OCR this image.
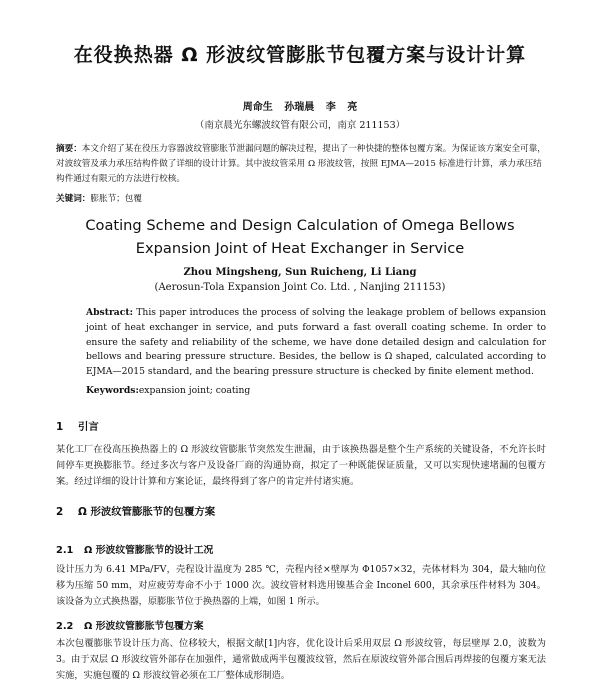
在役换热器 Ω 形波纹管膨胀节包覆方案与设计计算
周命生 孙瑞晨 李 亮
（南京晨光东螺波纹管有限公司，南京 211153）
摘要：本文介绍了某在役压力容器波纹管膨胀节泄漏问题的解决过程，提出了一种快捷的整体包覆方案。为保证该方案安全可靠，对波纹管及承力承压结构件做了详细的设计计算。其中波纹管采用 Ω 形波纹管，按照 EJMA—2015 标准进行计算，承力承压结构件通过有限元的方法进行校核。
关键词：膨胀节；包覆
Coating Scheme and Design Calculation of Omega Bellows
Expansion Joint of Heat Exchanger in Service
Zhou Mingsheng, Sun Ruicheng, Li Liang
(Aerosun-Tola Expansion Joint Co. Ltd. , Nanjing 211153)
Abstract: This paper introduces the process of solving the leakage problem of bellows expansion joint of heat exchanger in service, and puts forward a fast overall coating scheme. In order to ensure the safety and reliability of the scheme, we have done detailed design and calculation for bellows and bearing pressure structure. Besides, the bellow is Ω shaped, calculated according to EJMA—2015 standard, and the bearing pressure structure is checked by finite element method.
Keywords:expansion joint; coating
1 引言
某化工厂在役高压换热器上的 Ω 形波纹管膨胀节突然发生泄漏，由于该换热器是整个生产系统的关键设备，不允许长时间停车更换膨胀节。经过多次与客户及设备厂商的沟通协商，拟定了一种既能保证质量，又可以实现快速堵漏的包覆方案。经过详细的设计计算和方案论证，最终得到了客户的肯定并付诸实施。
2 Ω 形波纹管膨胀节的包覆方案
2.1 Ω 形波纹管膨胀节的设计工况
设计压力为 6.41 MPa/FV，壳程设计温度为 285 ℃，壳程内径×壁厚为 Φ1057×32，壳体材料为 304，最大轴向位移为压缩 50 mm，对应疲劳寿命不小于 1000 次。波纹管材料选用镍基合金 Inconel 600，其余承压件材料为 304。该设备为立式换热器，原膨胀节位于换热器的上端，如图 1 所示。
2.2 Ω 形波纹管膨胀节包覆方案
本次包覆膨胀节设计压力高、位移较大，根据文献[1]内容，优化设计后采用双层 Ω 形波纹管，每层壁厚 2.0，波数为 3。由于双层 Ω 形波纹管外部存在加强件，通常做成两半包覆波纹管，然后在原波纹管外部合围后再焊接的包覆方案无法实施，实施包覆的 Ω 形波纹管必须在工厂整体成形制造。
